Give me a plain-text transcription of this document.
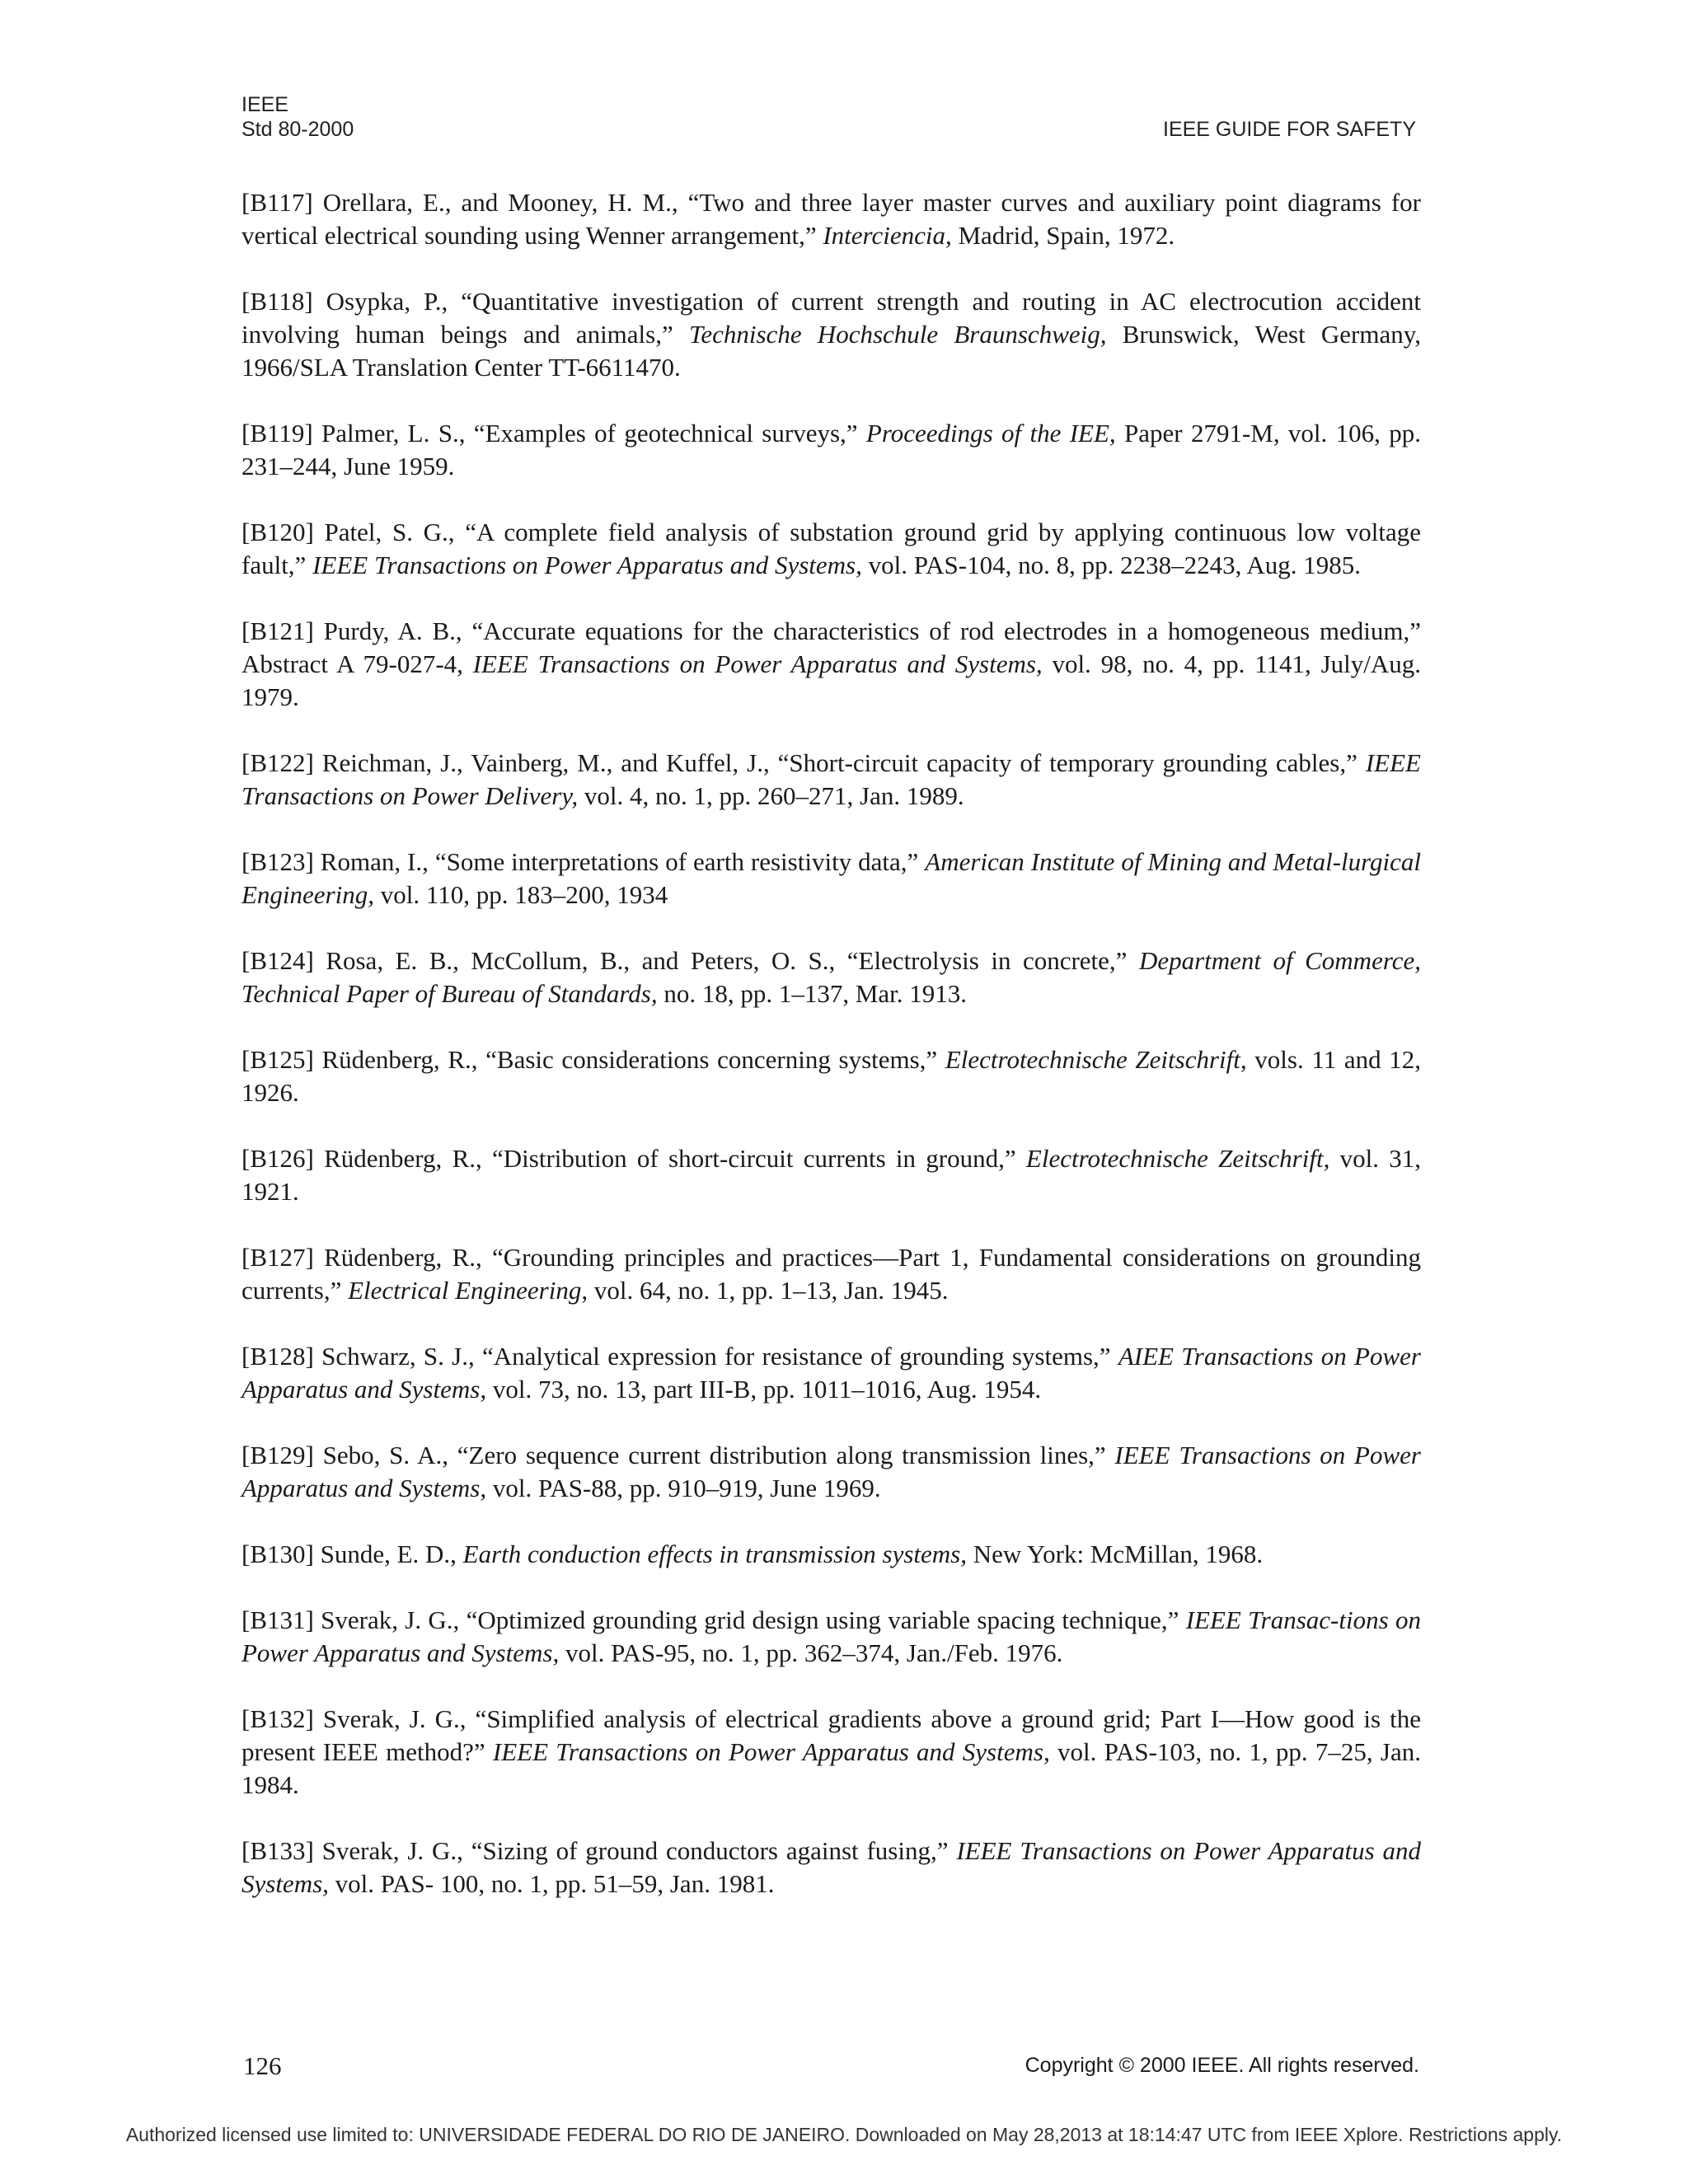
IEEE
Std 80-2000	IEEE GUIDE FOR SAFETY

[B117] Orellara, E., and Mooney, H. M., “Two and three layer master curves and auxiliary point diagrams for vertical electrical sounding using Wenner arrangement,” Interciencia, Madrid, Spain, 1972.

[B118] Osypka, P., “Quantitative investigation of current strength and routing in AC electrocution accident involving human beings and animals,” Technische Hochschule Braunschweig, Brunswick, West Germany, 1966/SLA Translation Center TT-6611470.

[B119] Palmer, L. S., “Examples of geotechnical surveys,” Proceedings of the IEE, Paper 2791-M, vol. 106, pp. 231–244, June 1959.

[B120] Patel, S. G., “A complete field analysis of substation ground grid by applying continuous low voltage fault,” IEEE Transactions on Power Apparatus and Systems, vol. PAS-104, no. 8, pp. 2238–2243, Aug. 1985.

[B121] Purdy, A. B., “Accurate equations for the characteristics of rod electrodes in a homogeneous medium,” Abstract A 79-027-4, IEEE Transactions on Power Apparatus and Systems, vol. 98, no. 4, pp. 1141, July/Aug. 1979.

[B122] Reichman, J., Vainberg, M., and Kuffel, J., “Short-circuit capacity of temporary grounding cables,” IEEE Transactions on Power Delivery, vol. 4, no. 1, pp. 260–271, Jan. 1989.

[B123] Roman, I., “Some interpretations of earth resistivity data,” American Institute of Mining and Metal-lurgical Engineering, vol. 110, pp. 183–200, 1934

[B124] Rosa, E. B., McCollum, B., and Peters, O. S., “Electrolysis in concrete,” Department of Commerce, Technical Paper of Bureau of Standards, no. 18, pp. 1–137, Mar. 1913.

[B125] Rüdenberg, R., “Basic considerations concerning systems,” Electrotechnische Zeitschrift, vols. 11 and 12, 1926.

[B126] Rüdenberg, R., “Distribution of short-circuit currents in ground,” Electrotechnische Zeitschrift, vol. 31, 1921.

[B127] Rüdenberg, R., “Grounding principles and practices—Part 1, Fundamental considerations on grounding currents,” Electrical Engineering, vol. 64, no. 1, pp. 1–13, Jan. 1945.

[B128] Schwarz, S. J., “Analytical expression for resistance of grounding systems,” AIEE Transactions on Power Apparatus and Systems, vol. 73, no. 13, part III-B, pp. 1011–1016, Aug. 1954.

[B129] Sebo, S. A., “Zero sequence current distribution along transmission lines,” IEEE Transactions on Power Apparatus and Systems, vol. PAS-88, pp. 910–919, June 1969.

[B130] Sunde, E. D., Earth conduction effects in transmission systems, New York: McMillan, 1968.

[B131] Sverak, J. G., “Optimized grounding grid design using variable spacing technique,” IEEE Transac-tions on Power Apparatus and Systems, vol. PAS-95, no. 1, pp. 362–374, Jan./Feb. 1976.

[B132] Sverak, J. G., “Simplified analysis of electrical gradients above a ground grid; Part I—How good is the present IEEE method?” IEEE Transactions on Power Apparatus and Systems, vol. PAS-103, no. 1, pp. 7–25, Jan. 1984.

[B133] Sverak, J. G., “Sizing of ground conductors against fusing,” IEEE Transactions on Power Apparatus and Systems, vol. PAS- 100, no. 1, pp. 51–59, Jan. 1981.

126	Copyright © 2000 IEEE. All rights reserved.
Authorized licensed use limited to: UNIVERSIDADE FEDERAL DO RIO DE JANEIRO. Downloaded on May 28,2013 at 18:14:47 UTC from IEEE Xplore. Restrictions apply.
